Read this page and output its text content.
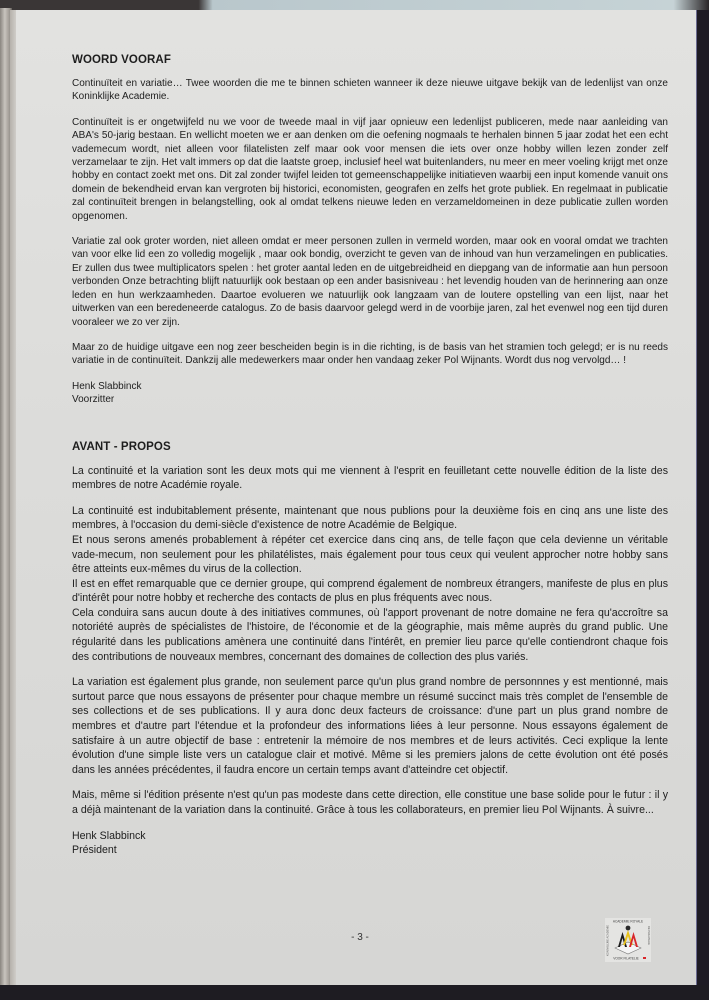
WOORD VOORAF

Continuïteit en variatie… Twee woorden die me te binnen schieten wanneer ik deze nieuwe uitgave bekijk van de ledenlijst van onze Koninklijke Academie.

Continuïteit is er ongetwijfeld nu we voor de tweede maal in vijf jaar opnieuw een ledenlijst publiceren, mede naar aanleiding van ABA's 50-jarig bestaan. En wellicht moeten we er aan denken om die oefening nogmaals te herhalen binnen 5 jaar zodat het een echt vademecum wordt, niet alleen voor filatelisten zelf maar ook voor mensen die iets over onze hobby willen lezen zonder zelf verzamelaar te zijn. Het valt immers op dat die laatste groep, inclusief heel wat buitenlanders, nu meer en meer voeling krijgt met onze hobby en contact zoekt met ons. Dit zal zonder twijfel leiden tot gemeenschappelijke initiatieven waarbij een input komende vanuit ons domein de bekendheid ervan kan vergroten bij historici, economisten, geografen en zelfs het grote publiek. En regelmaat in publicatie zal continuïteit brengen in belangstelling, ook al omdat telkens nieuwe leden en verzameldomeinen in deze publicatie zullen worden opgenomen.

Variatie zal ook groter worden, niet alleen omdat er meer personen zullen in vermeld worden, maar ook en vooral omdat we trachten van voor elke lid een zo volledig mogelijk , maar ook bondig, overzicht te geven van de inhoud van hun verzamelingen en publicaties. Er zullen dus twee multiplicators spelen : het groter aantal leden en de uitgebreidheid en diepgang van de informatie aan hun persoon verbonden Onze betrachting blijft natuurlijk ook bestaan op een ander basisniveau : het levendig houden van de herinnering aan onze leden en hun werkzaamheden. Daartoe evolueren we natuurlijk ook langzaam van de loutere opstelling van een lijst, naar het uitwerken van een beredeneerde catalogus. Zo de basis daarvoor gelegd werd in de voorbije jaren, zal het evenwel nog een tijd duren vooraleer we zo ver zijn.

Maar zo de huidige uitgave een nog zeer bescheiden begin is in die richting, is de basis van het stramien toch gelegd; er is nu reeds variatie in de continuïteit. Dankzij alle medewerkers maar onder hen vandaag zeker Pol Wijnants. Wordt dus nog vervolgd… !

Henk Slabbinck
Voorzitter

AVANT - PROPOS

La continuité et la variation sont les deux mots qui me viennent à l'esprit en feuilletant cette nouvelle édition de la liste des membres de notre Académie royale.

La continuité est indubitablement présente, maintenant que nous publions pour la deuxième fois en cinq ans une liste des membres, à l'occasion du demi-siècle d'existence de notre Académie de Belgique.
Et nous serons amenés probablement à répéter cet exercice dans cinq ans, de telle façon que cela devienne un véritable vade-mecum, non seulement pour les philatélistes, mais également pour tous ceux qui veulent approcher notre hobby sans être atteints eux-mêmes du virus de la collection.
Il est en effet remarquable que ce dernier groupe, qui comprend également de nombreux étrangers, manifeste de plus en plus d'intérêt pour notre hobby et recherche des contacts de plus en plus fréquents avec nous.
Cela conduira sans aucun doute à des initiatives communes, où l'apport provenant de notre domaine ne fera qu'accroître sa notoriété auprès de spécialistes de l'histoire, de l'économie et de la géographie, mais même auprès du grand public. Une régularité dans les publications amènera une continuité dans l'intérêt, en premier lieu parce qu'elle contiendront chaque fois des contributions de nouveaux membres, concernant des domaines de collection des plus variés.

La variation est également plus grande, non seulement parce qu'un plus grand nombre de personnnes y est mentionné, mais surtout parce que nous essayons de présenter pour chaque membre un résumé succinct mais très complet de l'ensemble de ses collections et de ses publications. Il y aura donc deux facteurs de croissance: d'une part un plus grand nombre de membres et d'autre part l'étendue et la profondeur des informations liées à leur personne. Nous essayons également de satisfaire à un autre objectif de base : entretenir la mémoire de nos membres et de leurs activités. Ceci explique la lente évolution d'une simple liste vers un catalogue clair et motivé. Même si les premiers jalons de cette évolution ont été posés dans les années précédentes, il faudra encore un certain temps avant d'atteindre cet objectif.

Mais, même si l'édition présente n'est qu'un pas modeste dans cette direction, elle constitue une base solide pour le futur : il y a déjà maintenant de la variation dans la continuité. Grâce à tous les collaborateurs, en premier lieu Pol Wijnants. À suivre...

Henk Slabbinck
Président

- 3 -
ACADEMIE ROYALE
VOOR FILATELIE
KONINKLIJKE ACADEMIE	DE PHILATELIE
